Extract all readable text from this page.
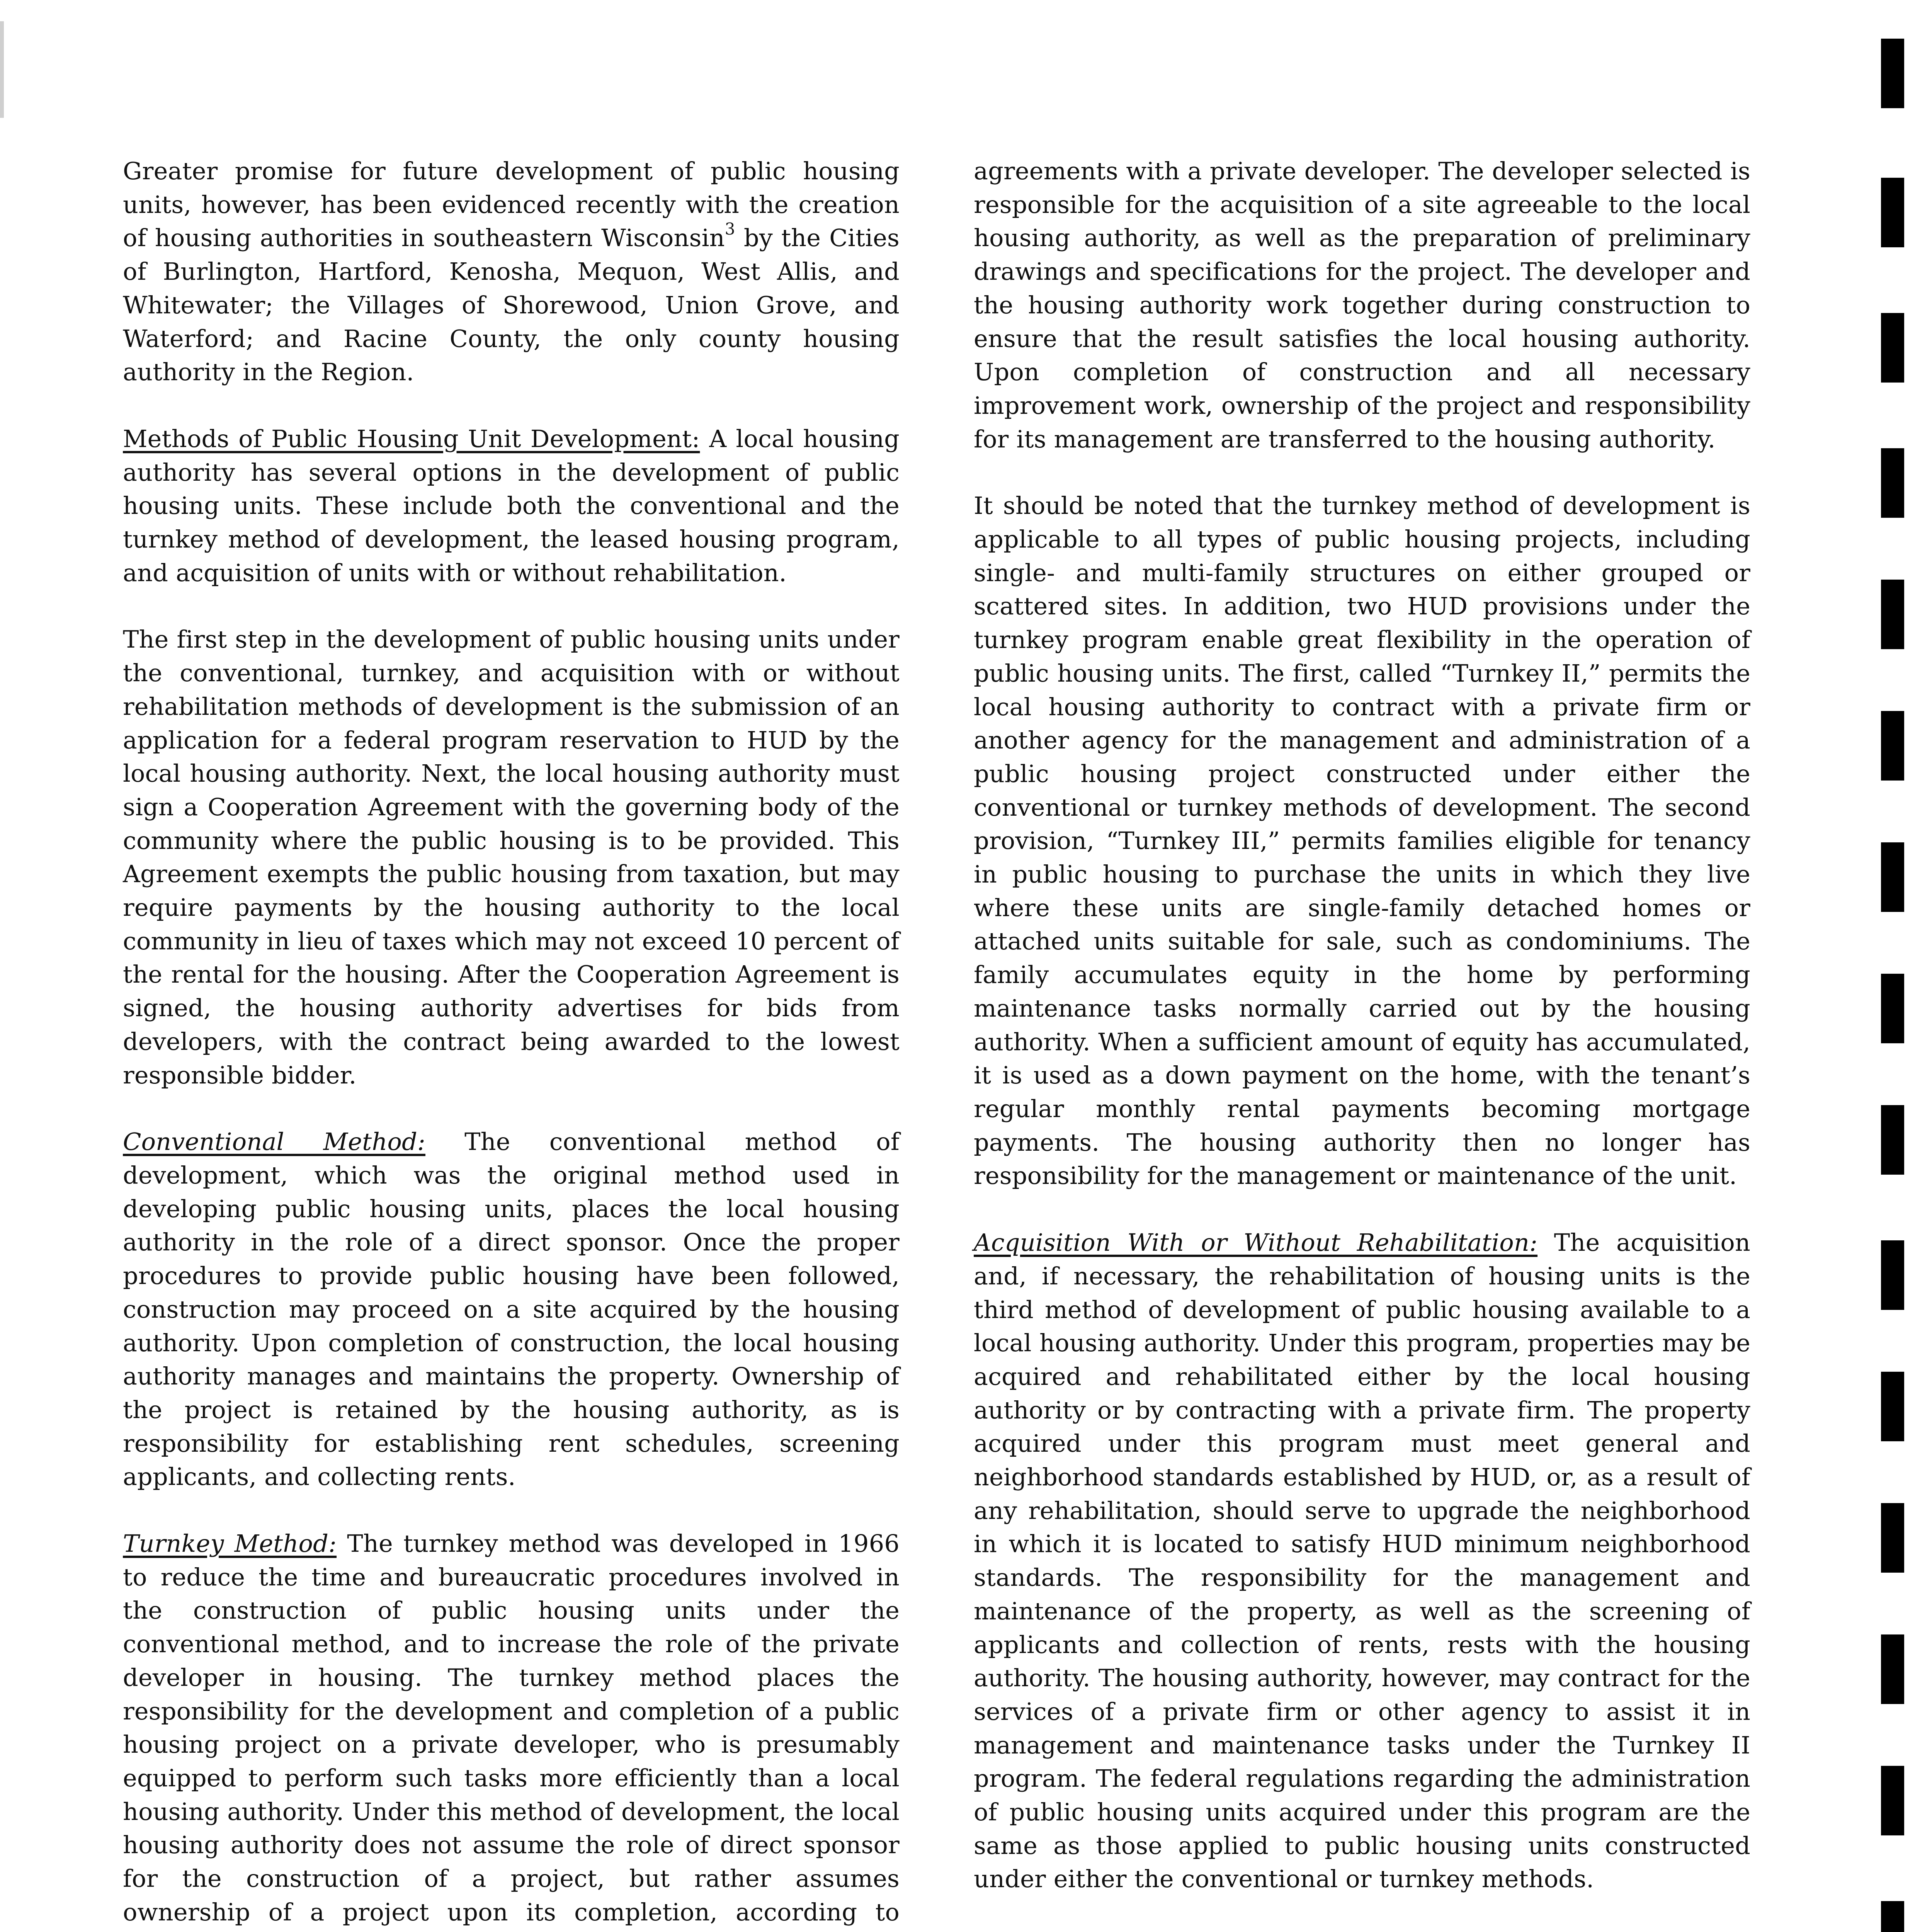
Greater promise for future development of public housing units, however, has been evidenced recently with the creation of housing authorities in southeastern Wisconsin$^3$ by the Cities of Burlington, Hartford, Kenosha, Mequon, West Allis, and Whitewater; the Villages of Shorewood, Union Grove, and Waterford; and Racine County, the only county housing authority in the Region.

Methods of Public Housing Unit Development: A local housing authority has several options in the development of public housing units. These include both the conventional and the turnkey method of development, the leased housing program, and acquisition of units with or without rehabilitation.

The first step in the development of public housing units under the conventional, turnkey, and acquisition with or without rehabilitation methods of development is the submission of an application for a federal program reservation to HUD by the local housing authority. Next, the local housing authority must sign a Cooperation Agreement with the governing body of the community where the public housing is to be provided. This Agreement exempts the public housing from taxation, but may require payments by the housing authority to the local community in lieu of taxes which may not exceed 10 percent of the rental for the housing. After the Cooperation Agreement is signed, the housing authority advertises for bids from developers, with the contract being awarded to the lowest responsible bidder.

Conventional Method: The conventional method of development, which was the original method used in developing public housing units, places the local housing authority in the role of a direct sponsor. Once the proper procedures to provide public housing have been followed, construction may proceed on a site acquired by the housing authority. Upon completion of construction, the local housing authority manages and maintains the property. Ownership of the project is retained by the housing authority, as is responsibility for establishing rent schedules, screening applicants, and collecting rents.

Turnkey Method: The turnkey method was developed in 1966 to reduce the time and bureaucratic procedures involved in the construction of public housing units under the conventional method, and to increase the role of the private developer in housing. The turnkey method places the responsibility for the development and completion of a public housing project on a private developer, who is presumably equipped to perform such tasks more efficiently than a local housing authority. Under this method of development, the local housing authority does not assume the role of direct sponsor for the construction of a project, but rather assumes ownership of a project upon its completion, according to

agreements with a private developer. The developer selected is responsible for the acquisition of a site agreeable to the local housing authority, as well as the preparation of preliminary drawings and specifications for the project. The developer and the housing authority work together during construction to ensure that the result satisfies the local housing authority. Upon completion of construction and all necessary improvement work, ownership of the project and responsibility for its management are transferred to the housing authority.

It should be noted that the turnkey method of development is applicable to all types of public housing projects, including single- and multi-family structures on either grouped or scattered sites. In addition, two HUD provisions under the turnkey program enable great flexibility in the operation of public housing units. The first, called “Turnkey II,” permits the local housing authority to contract with a private firm or another agency for the management and administration of a public housing project constructed under either the conventional or turnkey methods of development. The second provision, “Turnkey III,” permits families eligible for tenancy in public housing to purchase the units in which they live where these units are single-family detached homes or attached units suitable for sale, such as condominiums. The family accumulates equity in the home by performing maintenance tasks normally carried out by the housing authority. When a sufficient amount of equity has accumulated, it is used as a down payment on the home, with the tenant’s regular monthly rental payments becoming mortgage payments. The housing authority then no longer has responsibility for the management or maintenance of the unit.

Acquisition With or Without Rehabilitation: The acquisition and, if necessary, the rehabilitation of housing units is the third method of development of public housing available to a local housing authority. Under this program, properties may be acquired and rehabilitated either by the local housing authority or by contracting with a private firm. The property acquired under this program must meet general and neighborhood standards established by HUD, or, as a result of any rehabilitation, should serve to upgrade the neighborhood in which it is located to satisfy HUD minimum neighborhood standards. The responsibility for the management and maintenance of the property, as well as the screening of applicants and collection of rents, rests with the housing authority. The housing authority, however, may contract for the services of a private firm or other agency to assist it in management and maintenance tasks under the Turnkey II program. The federal regulations regarding the administration of public housing units acquired under this program are the same as those applied to public housing units constructed under either the conventional or turnkey methods.
